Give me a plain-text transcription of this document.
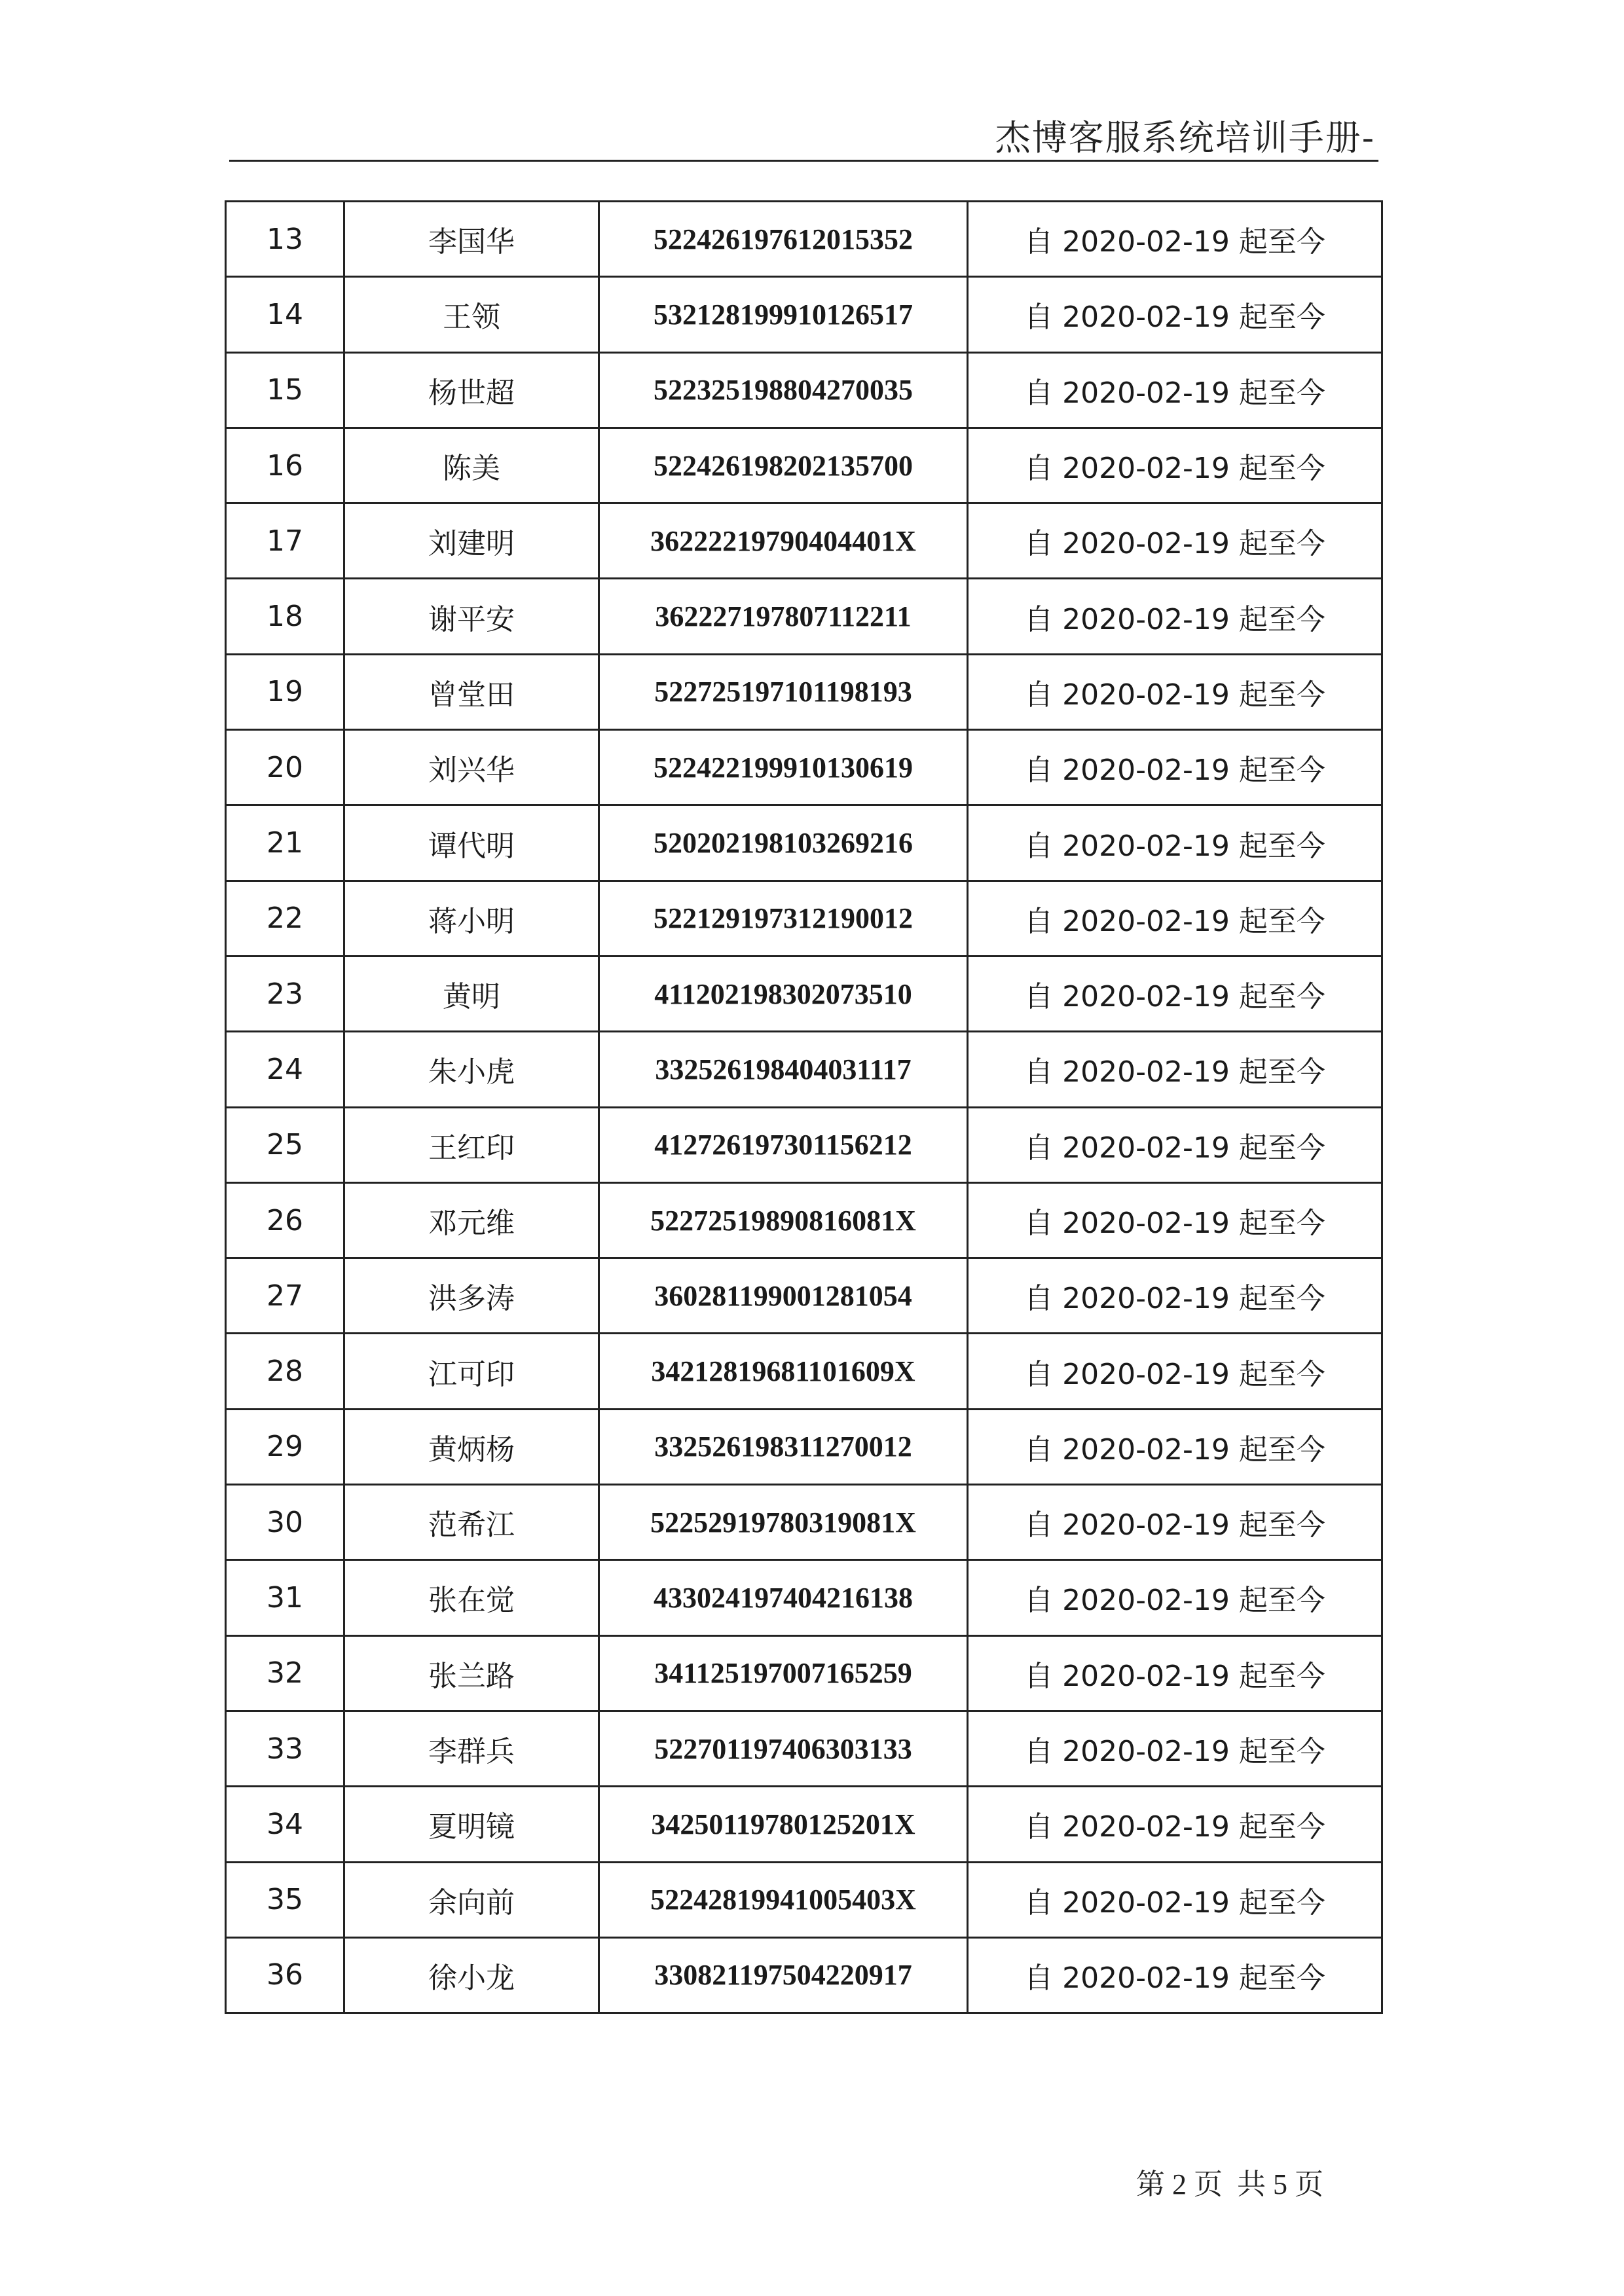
杰博客服系统培训手册-
13	李国华	522426197612015352	自 2020-02-19 起至今
14	王领	532128199910126517	自 2020-02-19 起至今
15	杨世超	522325198804270035	自 2020-02-19 起至今
16	陈美	522426198202135700	自 2020-02-19 起至今
17	刘建明	36222219790404401X	自 2020-02-19 起至今
18	谢平安	362227197807112211	自 2020-02-19 起至今
19	曾堂田	522725197101198193	自 2020-02-19 起至今
20	刘兴华	522422199910130619	自 2020-02-19 起至今
21	谭代明	520202198103269216	自 2020-02-19 起至今
22	蒋小明	522129197312190012	自 2020-02-19 起至今
23	黄明	411202198302073510	自 2020-02-19 起至今
24	朱小虎	332526198404031117	自 2020-02-19 起至今
25	王红印	412726197301156212	自 2020-02-19 起至今
26	邓元维	52272519890816081X	自 2020-02-19 起至今
27	洪多涛	360281199001281054	自 2020-02-19 起至今
28	江可印	34212819681101609X	自 2020-02-19 起至今
29	黄炳杨	332526198311270012	自 2020-02-19 起至今
30	范希江	52252919780319081X	自 2020-02-19 起至今
31	张在觉	433024197404216138	自 2020-02-19 起至今
32	张兰路	341125197007165259	自 2020-02-19 起至今
33	李群兵	522701197406303133	自 2020-02-19 起至今
34	夏明镜	34250119780125201X	自 2020-02-19 起至今
35	余向前	52242819941005403X	自 2020-02-19 起至今
36	徐小龙	330821197504220917	自 2020-02-19 起至今
第 2 页  共 5 页
